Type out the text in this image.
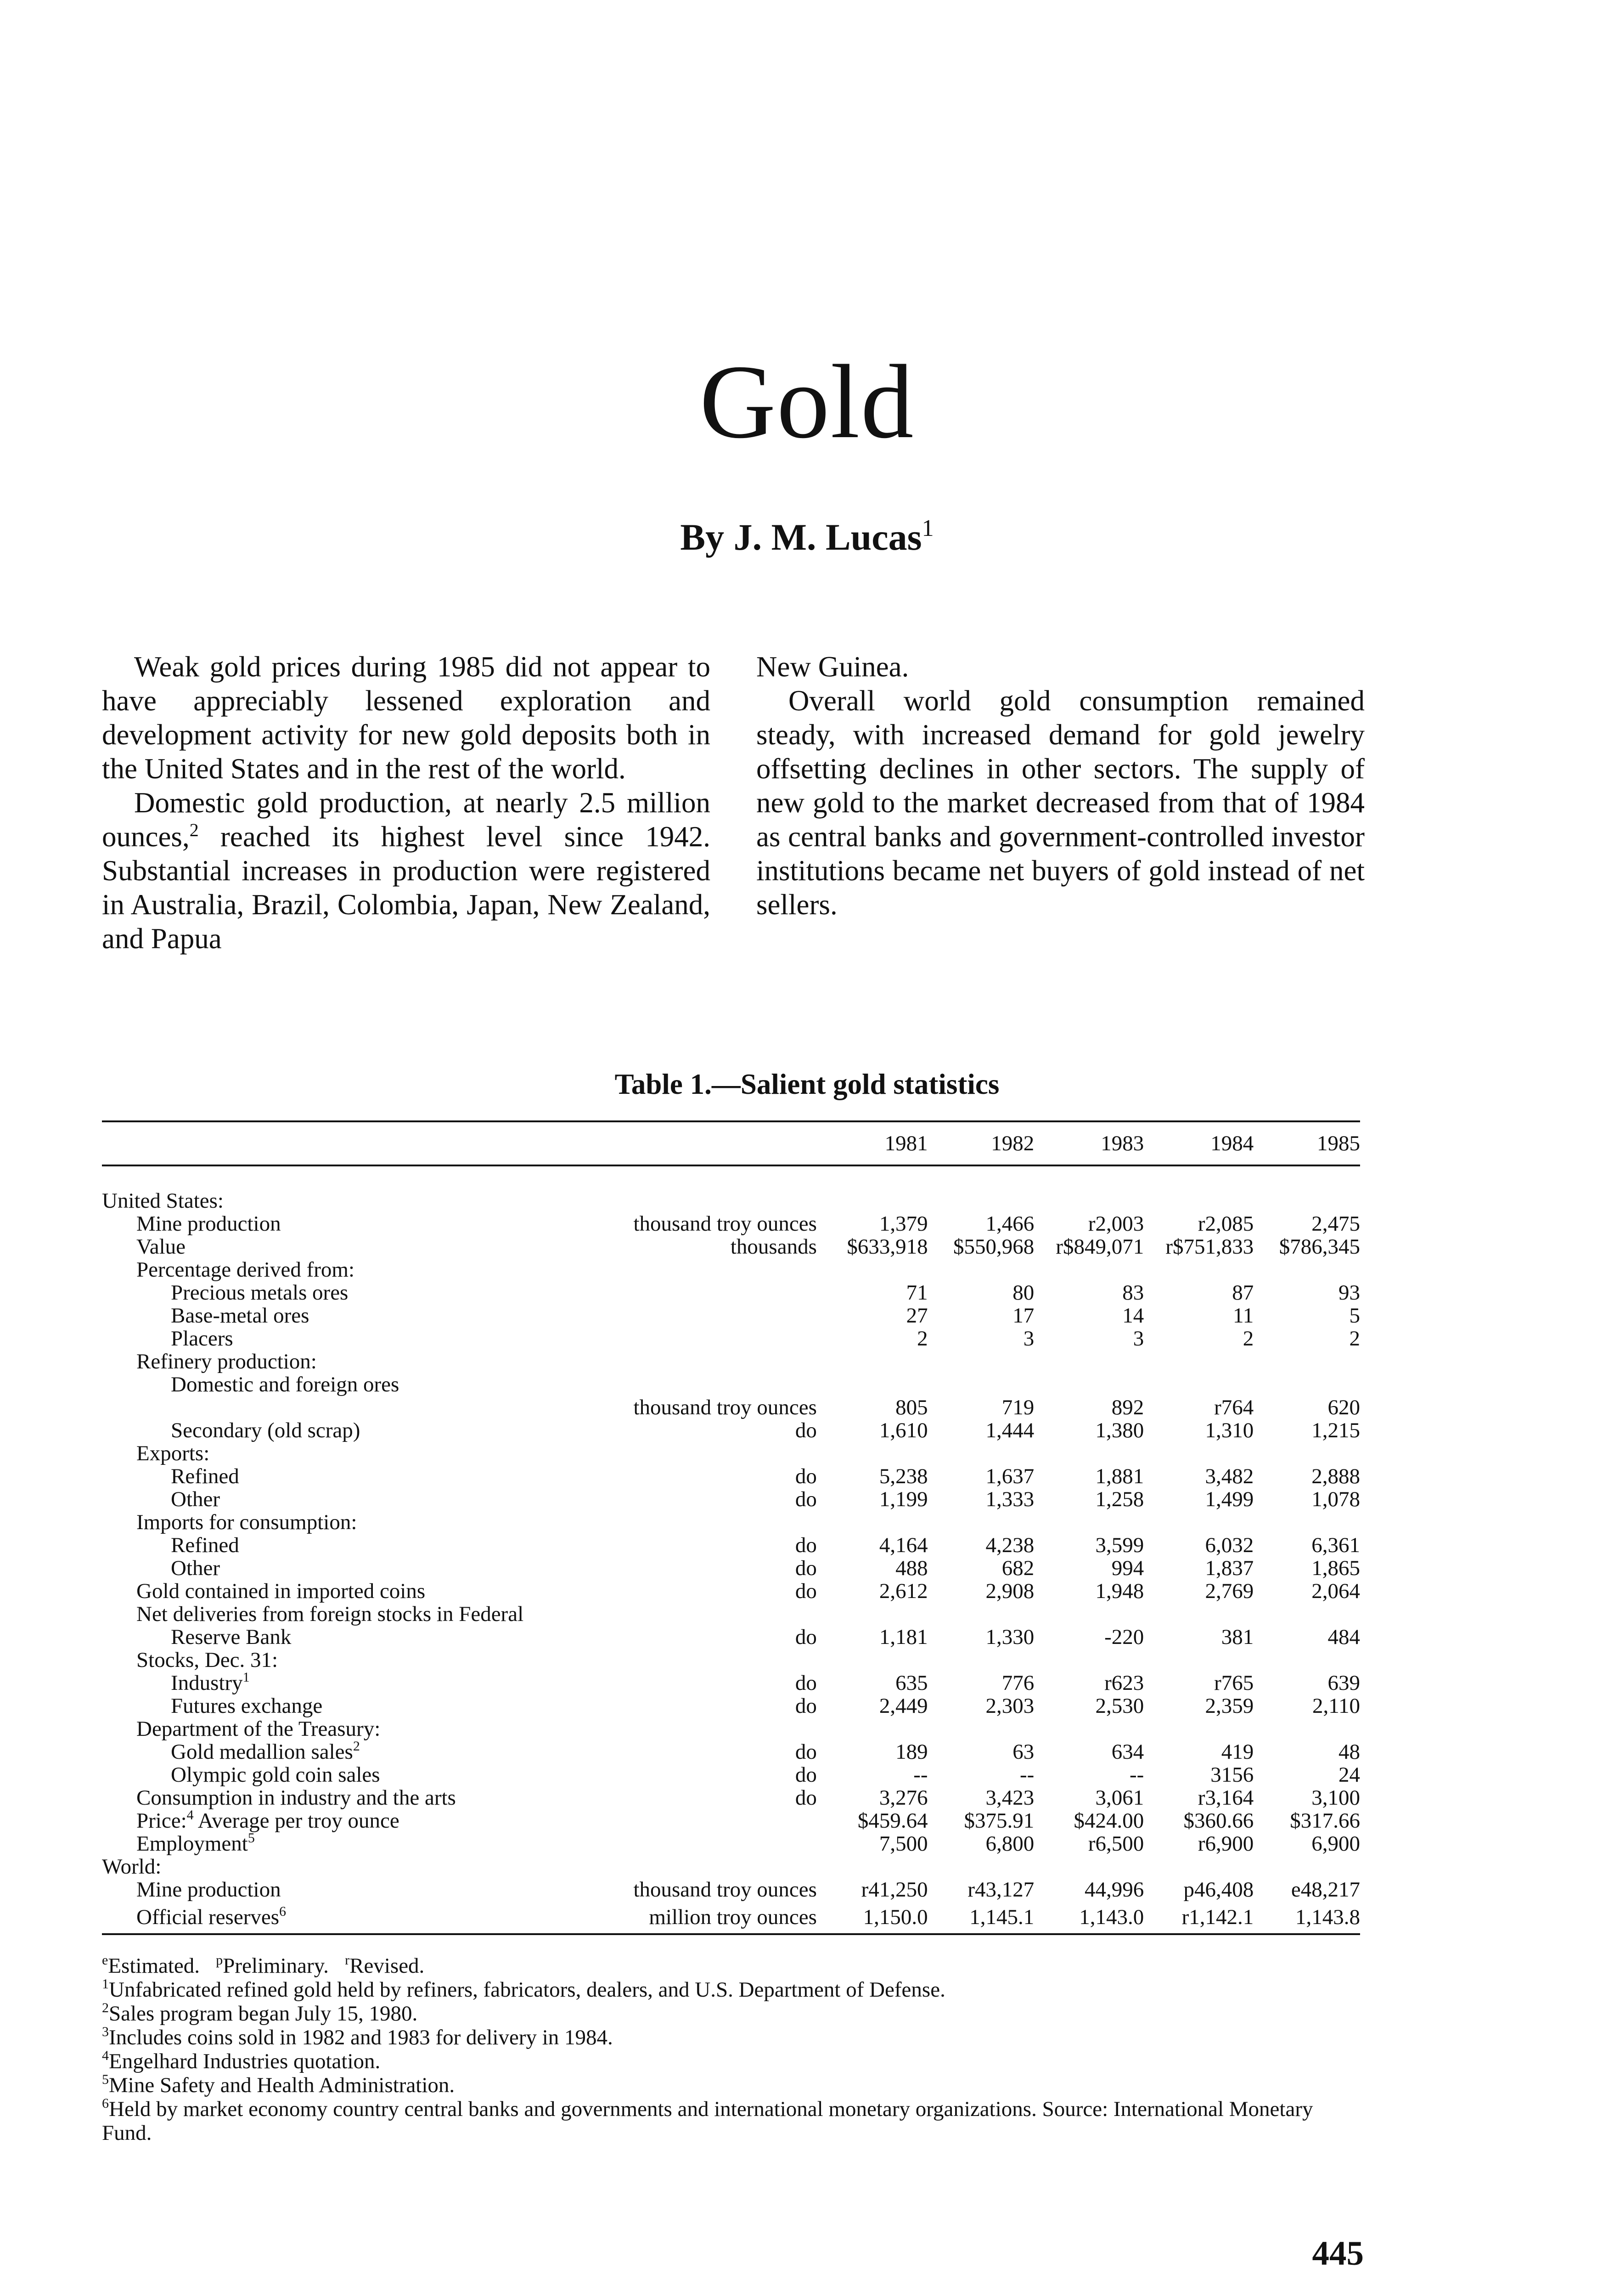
Gold
By J. M. Lucas$^1$

Weak gold prices during 1985 did not appear to have appreciably lessened exploration and development activity for new gold deposits both in the United States and in the rest of the world.

Domestic gold production, at nearly 2.5 million ounces,$^2$ reached its highest level since 1942. Substantial increases in production were registered in Australia, Brazil, Colombia, Japan, New Zealand, and Papua

New Guinea.

Overall world gold consumption remained steady, with increased demand for gold jewelry offsetting declines in other sectors. The supply of new gold to the market decreased from that of 1984 as central banks and government-controlled investor institutions became net buyers of gold instead of net sellers.

Table 1.—Salient gold statistics
	1981	1982	1983	1984	1985
United States:					
Mine production thousand troy ounces	1,379	1,466	r2,003	r2,085	2,475
Value thousands	$633,918	$550,968	r$849,071	r$751,833	$786,345
Percentage derived from:					
Precious metals ores	71	80	83	87	93
Base-metal ores	27	17	14	11	5
Placers	2	3	3	2	2
Refinery production:					
Domestic and foreign ores					

thousand troy ounces	805	719	892	r764	620
Secondary (old scrap) do	1,610	1,444	1,380	1,310	1,215
Exports:					
Refined do	5,238	1,637	1,881	3,482	2,888
Other do	1,199	1,333	1,258	1,499	1,078
Imports for consumption:					
Refined do	4,164	4,238	3,599	6,032	6,361
Other do	488	682	994	1,837	1,865
Gold contained in imported coins do	2,612	2,908	1,948	2,769	2,064
Net deliveries from foreign stocks in Federal					
Reserve Bank do	1,181	1,330	-220	381	484
Stocks, Dec. 31:					
Industry$^1$ do	635	776	r623	r765	639
Futures exchange do	2,449	2,303	2,530	2,359	2,110
Department of the Treasury:					
Gold medallion sales$^2$ do	189	63	634	419	48
Olympic gold coin sales do	--	--	--	3156	24
Consumption in industry and the arts do	3,276	3,423	3,061	r3,164	3,100
Price:$^4$ Average per troy ounce	$459.64	$375.91	$424.00	$360.66	$317.66
Employment$^5$	7,500	6,800	r6,500	r6,900	6,900
World:					
Mine production thousand troy ounces	r41,250	r43,127	44,996	p46,408	e48,217
Official reserves$^6$ million troy ounces	1,150.0	1,145.1	1,143.0	r1,142.1	1,143.8
$^e$Estimated. $^p$Preliminary. $^r$Revised.
$^1$Unfabricated refined gold held by refiners, fabricators, dealers, and U.S. Department of Defense.
$^2$Sales program began July 15, 1980.
$^3$Includes coins sold in 1982 and 1983 for delivery in 1984.
$^4$Engelhard Industries quotation.
$^5$Mine Safety and Health Administration.
$^6$Held by market economy country central banks and governments and international monetary organizations. Source: International Monetary Fund.
445
